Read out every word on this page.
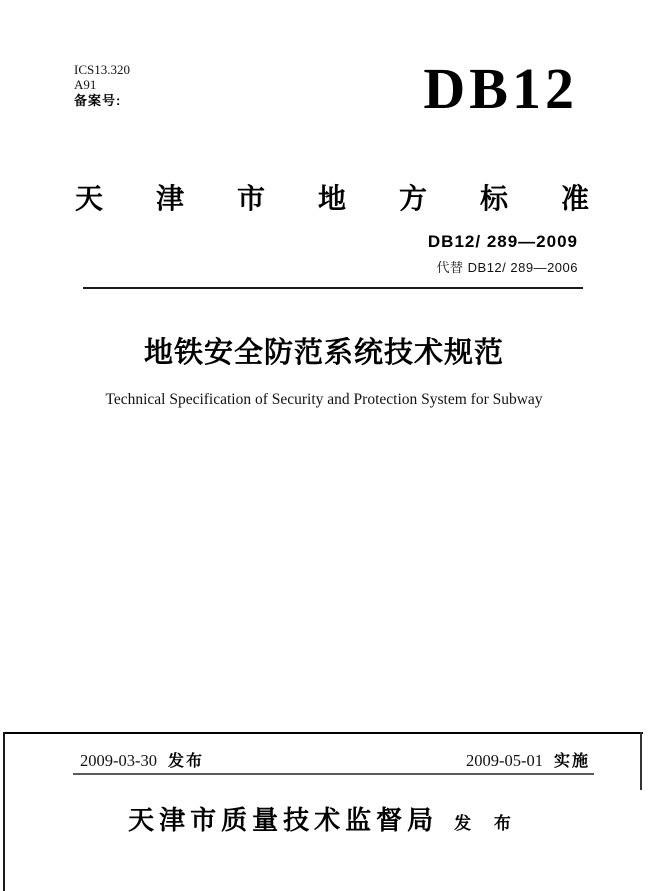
ICS13.320
A91
备案号:	DB12
天津市地方标准
DB12/ 289—2009
代替 DB12/ 289—2006
地铁安全防范系统技术规范
Technical Specification of Security and Protection System for Subway
2009-03-30 发布	2009-05-01 实施
天津市质量技术监督局 发 布
